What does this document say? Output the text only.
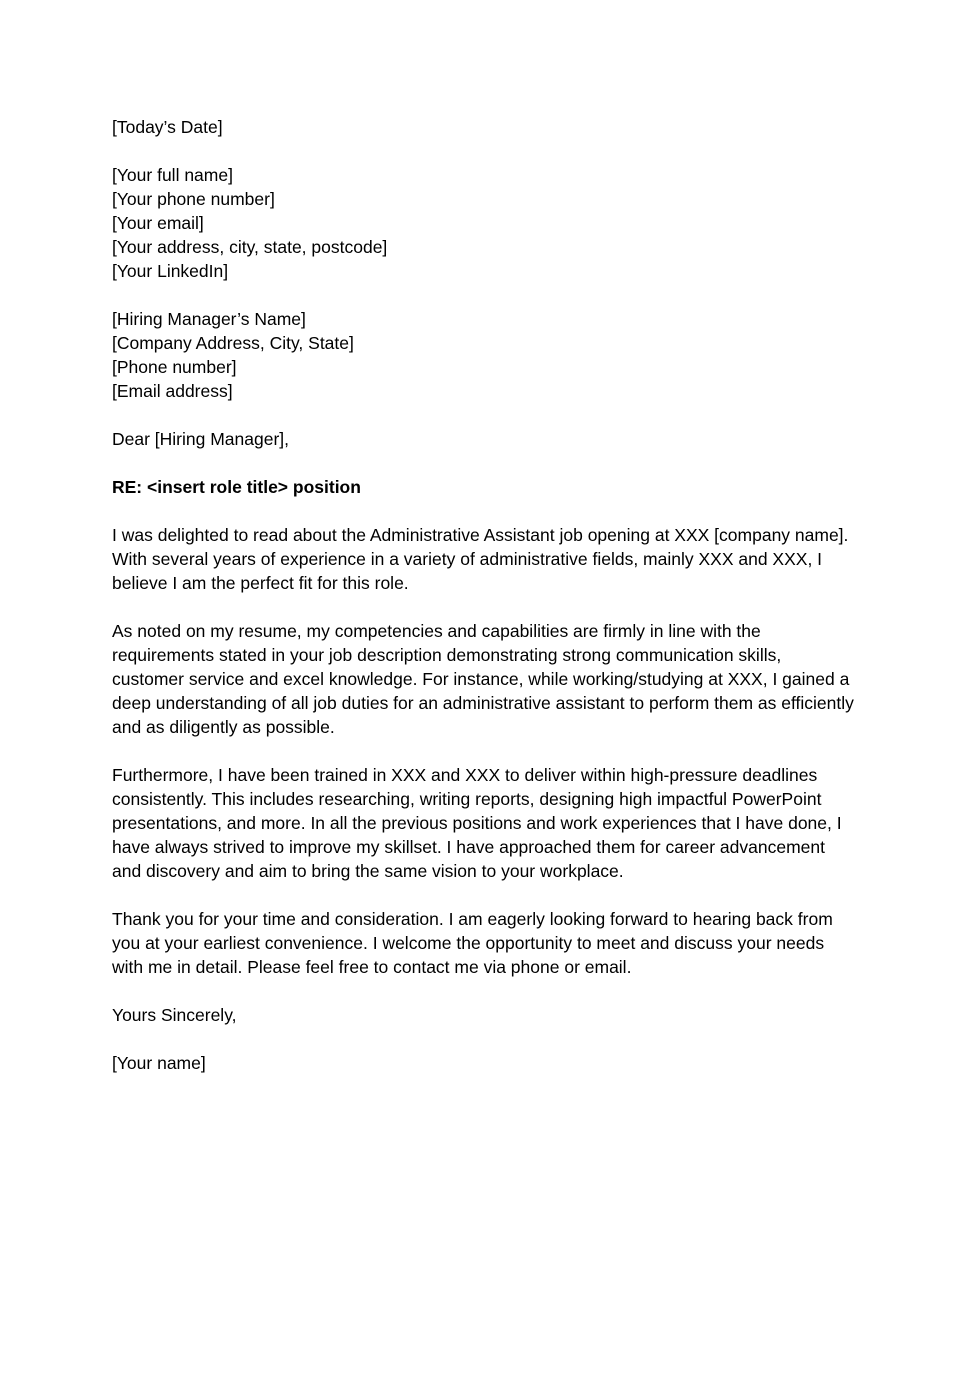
[Today’s Date]
[Your full name]
[Your phone number]
[Your email]
[Your address, city, state, postcode]
[Your LinkedIn]
[Hiring Manager’s Name]
[Company Address, City, State]
[Phone number]
[Email address]
Dear [Hiring Manager],
RE: <insert role title> position
I was delighted to read about the Administrative Assistant job opening at XXX [company name]. With several years of experience in a variety of administrative fields, mainly XXX and XXX, I believe I am the perfect fit for this role.
As noted on my resume, my competencies and capabilities are firmly in line with the requirements stated in your job description demonstrating strong communication skills, customer service and excel knowledge. For instance, while working/studying at XXX, I gained a deep understanding of all job duties for an administrative assistant to perform them as efficiently and as diligently as possible.
Furthermore, I have been trained in XXX and XXX to deliver within high-pressure deadlines consistently. This includes researching, writing reports, designing high impactful PowerPoint presentations, and more. In all the previous positions and work experiences that I have done, I have always strived to improve my skillset. I have approached them for career advancement and discovery and aim to bring the same vision to your workplace.
Thank you for your time and consideration. I am eagerly looking forward to hearing back from you at your earliest convenience. I welcome the opportunity to meet and discuss your needs with me in detail. Please feel free to contact me via phone or email.
Yours Sincerely,
[Your name]
